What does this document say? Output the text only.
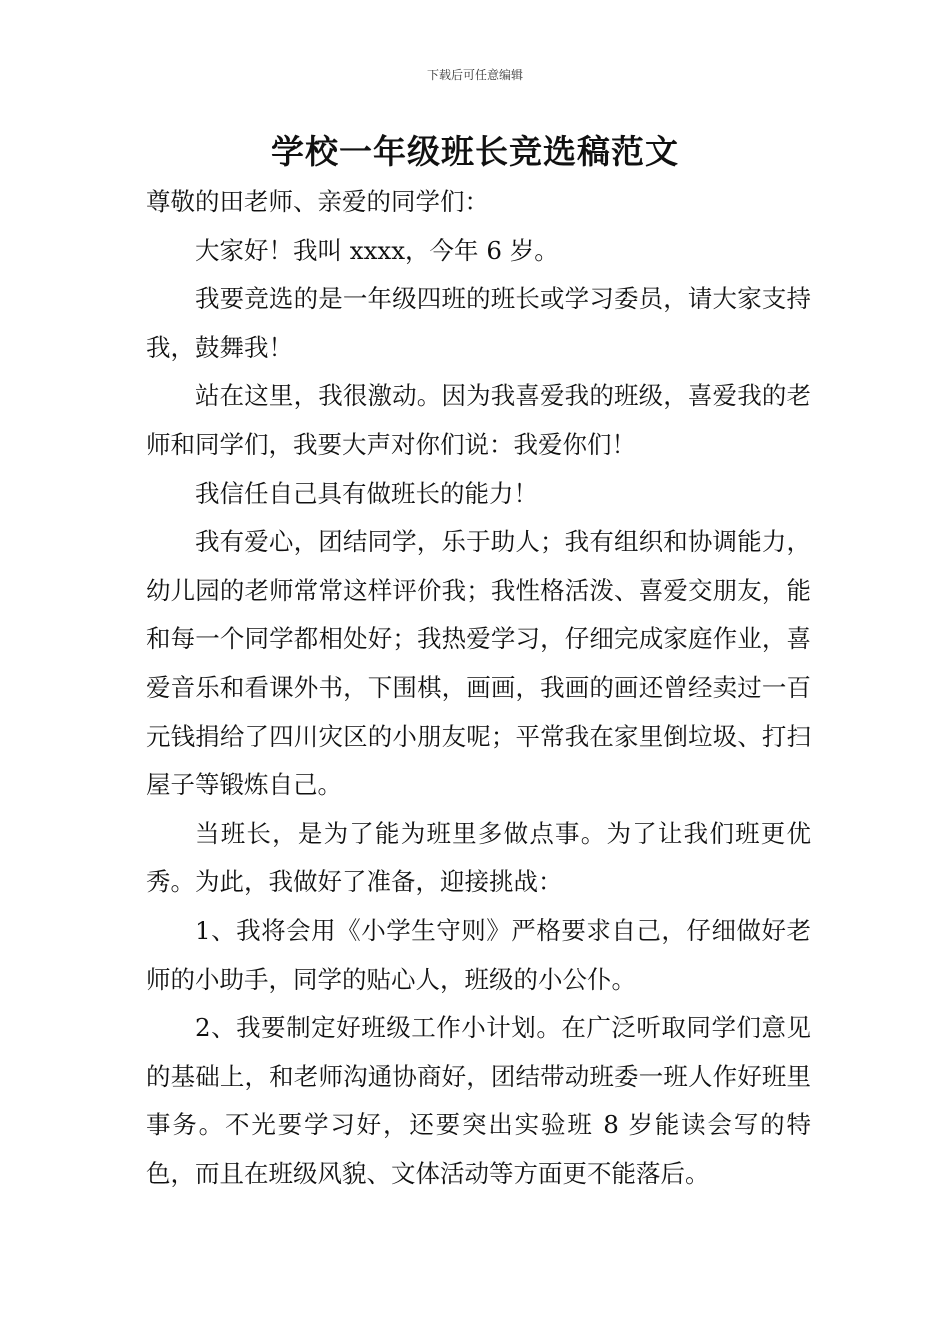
下载后可任意编辑
学校一年级班长竞选稿范文

尊敬的田老师、亲爱的同学们：

大家好！我叫 xxxx，今年 6 岁。

我要竞选的是一年级四班的班长或学习委员，请大家支持我，鼓舞我！

站在这里，我很激动。因为我喜爱我的班级，喜爱我的老师和同学们，我要大声对你们说：我爱你们！

我信任自己具有做班长的能力！

我有爱心，团结同学，乐于助人；我有组织和协调能力，幼儿园的老师常常这样评价我；我性格活泼、喜爱交朋友，能和每一个同学都相处好；我热爱学习，仔细完成家庭作业，喜爱音乐和看课外书，下围棋，画画，我画的画还曾经卖过一百元钱捐给了四川灾区的小朋友呢；平常我在家里倒垃圾、打扫屋子等锻炼自己。

当班长，是为了能为班里多做点事。为了让我们班更优秀。为此，我做好了准备，迎接挑战：

1、我将会用《小学生守则》严格要求自己，仔细做好老师的小助手，同学的贴心人，班级的小公仆。

2、我要制定好班级工作小计划。在广泛听取同学们意见的基础上，和老师沟通协商好，团结带动班委一班人作好班里事务。不光要学习好，还要突出实验班 8 岁能读会写的特色，而且在班级风貌、文体活动等方面更不能落后。
